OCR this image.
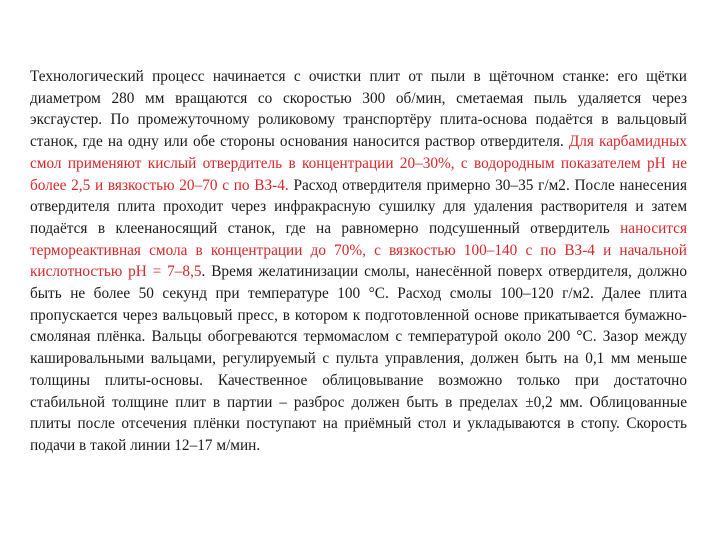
Технологический процесс начинается с очистки плит от пыли в щёточном станке: его щётки диаметром 280 мм вращаются со скоростью 300 об/мин, сметаемая пыль удаляется через эксгаустер. По промежуточному роликовому транспортёру плита-основа подаётся в вальцовый станок, где на одну или обе стороны основания наносится раствор отвердителя. Для карбамидных смол применяют кислый отвердитель в концентрации 20–30%, с водородным показателем рН не более 2,5 и вязкостью 20–70 с по ВЗ-4. Расход отвердителя примерно 30–35 г/м2. После нанесения отвердителя плита проходит через инфракрасную сушилку для удаления растворителя и затем подаётся в клеенаносящий станок, где на равномерно подсушенный отвердитель наносится термореактивная смола в концентрации до 70%, с вязкостью 100–140 с по ВЗ-4 и начальной кислотностью рН = 7–8,5. Время желатинизации смолы, нанесённой поверх отвердителя, должно быть не более 50 секунд при температуре 100 °С. Расход смолы 100–120 г/м2. Далее плита пропускается через вальцовый пресс, в котором к подготовленной основе прикатывается бумажно-смоляная плёнка. Вальцы обогреваются термомаслом с температурой около 200 °С. Зазор между кашировальными вальцами, регулируемый с пульта управления, должен быть на 0,1 мм меньше толщины плиты-основы. Качественное облицовывание возможно только при достаточно стабильной толщине плит в партии – разброс должен быть в пределах ±0,2 мм. Облицованные плиты после отсечения плёнки поступают на приёмный стол и укладываются в стопу. Скорость подачи в такой линии 12–17 м/мин.
